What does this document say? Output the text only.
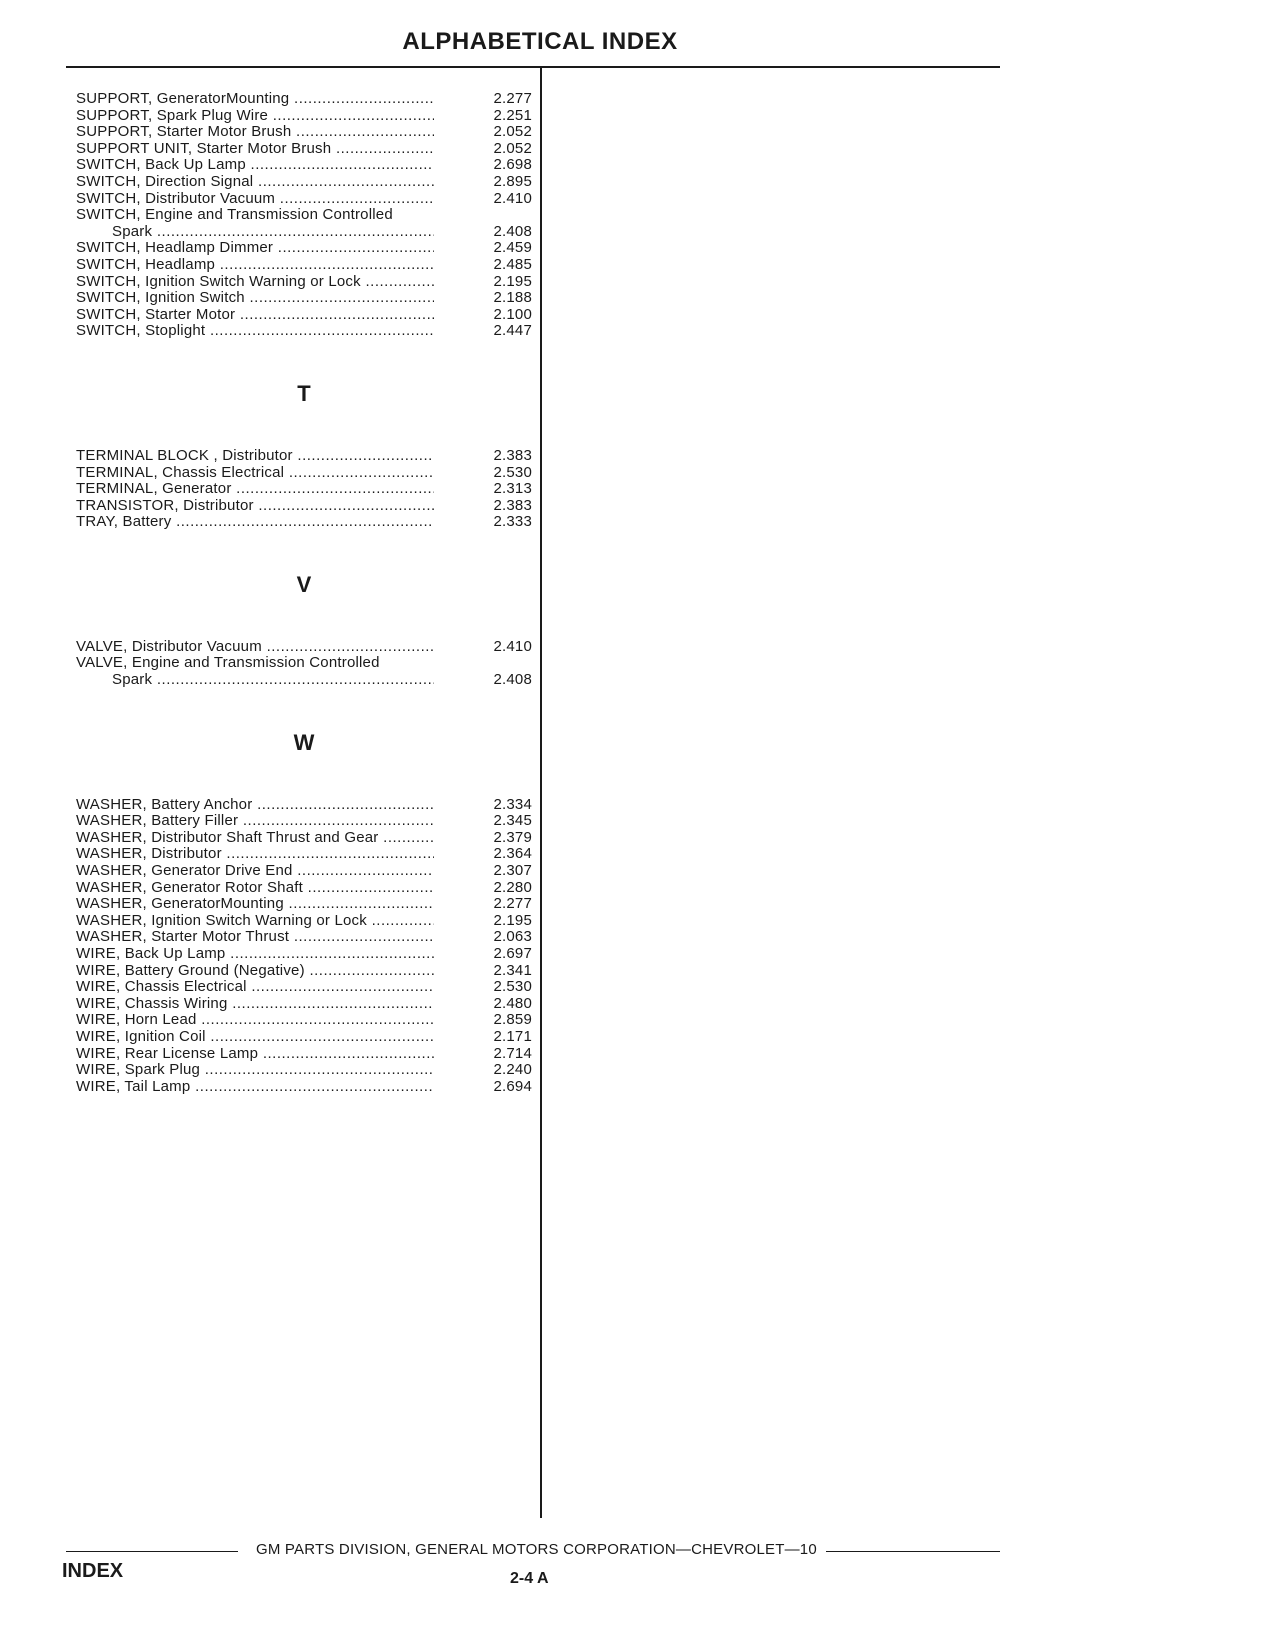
ALPHABETICAL INDEX
SUPPORT, GeneratorMounting .....	2.277
SUPPORT, Spark Plug Wire .....	2.251
SUPPORT, Starter Motor Brush .....	2.052
SUPPORT UNIT, Starter Motor Brush .....	2.052
SWITCH, Back Up Lamp .....	2.698
SWITCH, Direction Signal .....	2.895
SWITCH, Distributor Vacuum .....	2.410
SWITCH, Engine and Transmission Controlled
Spark .....	2.408
SWITCH, Headlamp Dimmer .....	2.459
SWITCH, Headlamp .....	2.485
SWITCH, Ignition Switch Warning or Lock .....	2.195
SWITCH, Ignition Switch .....	2.188
SWITCH, Starter Motor .....	2.100
SWITCH, Stoplight .....	2.447
T
TERMINAL BLOCK , Distributor .....	2.383
TERMINAL, Chassis Electrical .....	2.530
TERMINAL, Generator .....	2.313
TRANSISTOR, Distributor .....	2.383
TRAY, Battery .....	2.333
V
VALVE, Distributor Vacuum .....	2.410
VALVE, Engine and Transmission Controlled
Spark .....	2.408
W
WASHER, Battery Anchor .....	2.334
WASHER, Battery Filler .....	2.345
WASHER, Distributor Shaft Thrust and Gear .....	2.379
WASHER, Distributor .....	2.364
WASHER, Generator Drive End .....	2.307
WASHER, Generator Rotor Shaft .....	2.280
WASHER, GeneratorMounting .....	2.277
WASHER, Ignition Switch Warning or Lock .....	2.195
WASHER, Starter Motor Thrust .....	2.063
WIRE, Back Up Lamp .....	2.697
WIRE, Battery Ground (Negative) .....	2.341
WIRE, Chassis Electrical .....	2.530
WIRE, Chassis Wiring .....	2.480
WIRE, Horn Lead .....	2.859
WIRE, Ignition Coil .....	2.171
WIRE, Rear License Lamp .....	2.714
WIRE, Spark Plug .....	2.240
WIRE, Tail Lamp .....	2.694
GM PARTS DIVISION, GENERAL MOTORS CORPORATION—CHEVROLET—10
INDEX	2-4 A
